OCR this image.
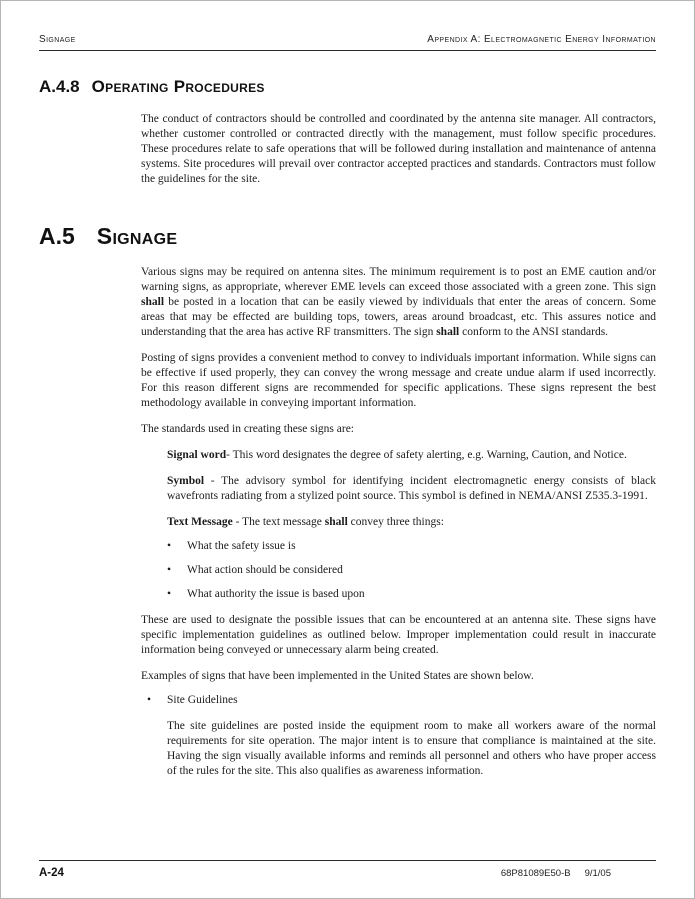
Signage	Appendix A: Electromagnetic Energy Information
A.4.8 Operating Procedures

The conduct of contractors should be controlled and coordinated by the antenna site manager. All contractors, whether customer controlled or contracted directly with the management, must follow specific procedures. These procedures relate to safe operations that will be followed during installation and maintenance of antenna systems. Site procedures will prevail over contractor accepted practices and standards. Contractors must follow the guidelines for the site.

A.5 Signage

Various signs may be required on antenna sites. The minimum requirement is to post an EME caution and/or warning signs, as appropriate, wherever EME levels can exceed those associated with a green zone. This sign shall be posted in a location that can be easily viewed by individuals that enter the areas of concern. Some areas that may be effected are building tops, towers, areas around broadcast, etc. This assures notice and understanding that the area has active RF transmitters. The sign shall conform to the ANSI standards.

Posting of signs provides a convenient method to convey to individuals important information. While signs can be effective if used properly, they can convey the wrong message and create undue alarm if used incorrectly. For this reason different signs are recommended for specific applications. These signs represent the best methodology available in conveying important information.

The standards used in creating these signs are:

Signal word- This word designates the degree of safety alerting, e.g. Warning, Caution, and Notice.

Symbol - The advisory symbol for identifying incident electromagnetic energy consists of black wavefronts radiating from a stylized point source. This symbol is defined in NEMA/ANSI Z535.3-1991.

Text Message - The text message shall convey three things:

•	What the safety issue is
•	What action should be considered
•	What authority the issue is based upon

These are used to designate the possible issues that can be encountered at an antenna site. These signs have specific implementation guidelines as outlined below. Improper implementation could result in inaccurate information being conveyed or unnecessary alarm being created.

Examples of signs that have been implemented in the United States are shown below.

•	Site Guidelines

The site guidelines are posted inside the equipment room to make all workers aware of the normal requirements for site operation. The major intent is to ensure that compliance is maintained at the site. Having the sign visually available informs and reminds all personnel and others who have proper access of the rules for the site. This also qualifies as awareness information.

A-24	68P81089E50-B 9/1/05
